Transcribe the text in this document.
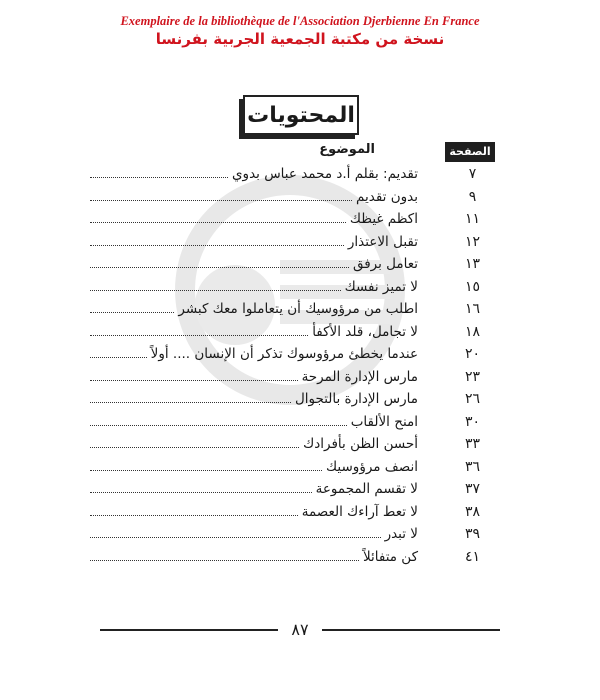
Exemplaire de la bibliothèque de l'Association Djerbienne En France
نسخة من مكتبة الجمعية الجربية بفرنسا
المحتويات
الموضوع	الصفحة
٧
تقديم: بقلم أ.د محمد عباس بدوي
٩
بدون تقديم
١١
اكظم غيظك
١٢
تقبل الاعتذار
١٣
تعامل برفق
١٥
لا تميز نفسك
١٦
اطلب من مرؤوسيك أن يتعاملوا معك كبشر
١٨
لا تجامل، قلد الأكفأ
٢٠
عندما يخطئ مرؤوسوك تذكر أن الإنسان .... أولاً
٢٣
مارس الإدارة المرحة
٢٦
مارس الإدارة بالتجوال
٣٠
امنح الألقاب
٣٣
أحسن الظن بأفرادك
٣٦
انصف مرؤوسيك
٣٧
لا تقسم المجموعة
٣٨
لا تعط آراءك العصمة
٣٩
لا تبدر
٤١
كن متفائلاً
٨٧
